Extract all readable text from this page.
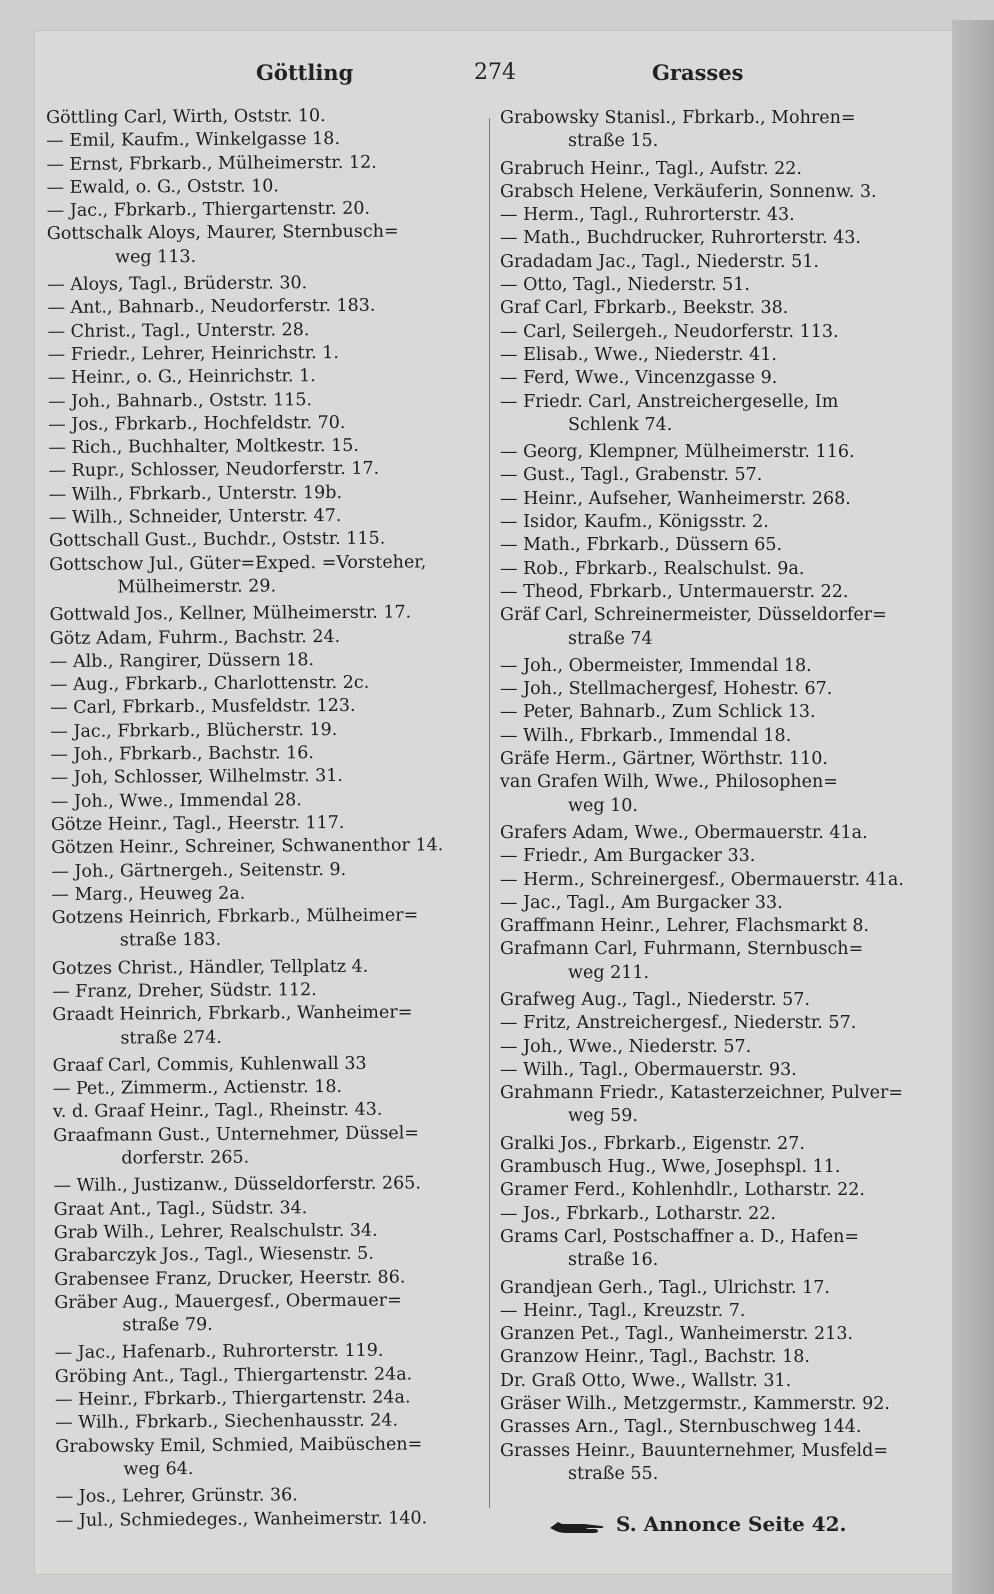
Göttling	274	Grasses
Göttling Carl, Wirth, Oststr. 10.
— Emil, Kaufm., Winkelgasse 18.
— Ernst, Fbrkarb., Mülheimerstr. 12.
— Ewald, o. G., Oststr. 10.
— Jac., Fbrkarb., Thiergartenstr. 20.
Gottschalk Aloys, Maurer, Sternbusch=
weg 113.
— Aloys, Tagl., Brüderstr. 30.
— Ant., Bahnarb., Neudorferstr. 183.
— Christ., Tagl., Unterstr. 28.
— Friedr., Lehrer, Heinrichstr. 1.
— Heinr., o. G., Heinrichstr. 1.
— Joh., Bahnarb., Oststr. 115.
— Jos., Fbrkarb., Hochfeldstr. 70.
— Rich., Buchhalter, Moltkestr. 15.
— Rupr., Schlosser, Neudorferstr. 17.
— Wilh., Fbrkarb., Unterstr. 19b.
— Wilh., Schneider, Unterstr. 47.
Gottschall Gust., Buchdr., Oststr. 115.
Gottschow Jul., Güter=Exped. =Vorsteher,
Mülheimerstr. 29.
Gottwald Jos., Kellner, Mülheimerstr. 17.
Götz Adam, Fuhrm., Bachstr. 24.
— Alb., Rangirer, Düssern 18.
— Aug., Fbrkarb., Charlottenstr. 2c.
— Carl, Fbrkarb., Musfeldstr. 123.
— Jac., Fbrkarb., Blücherstr. 19.
— Joh., Fbrkarb., Bachstr. 16.
— Joh, Schlosser, Wilhelmstr. 31.
— Joh., Wwe., Immendal 28.
Götze Heinr., Tagl., Heerstr. 117.
Götzen Heinr., Schreiner, Schwanenthor 14.
— Joh., Gärtnergeh., Seitenstr. 9.
— Marg., Heuweg 2a.
Gotzens Heinrich, Fbrkarb., Mülheimer=
straße 183.
Gotzes Christ., Händler, Tellplatz 4.
— Franz, Dreher, Südstr. 112.
Graadt Heinrich, Fbrkarb., Wanheimer=
straße 274.
Graaf Carl, Commis, Kuhlenwall 33
— Pet., Zimmerm., Actienstr. 18.
v. d. Graaf Heinr., Tagl., Rheinstr. 43.
Graafmann Gust., Unternehmer, Düssel=
dorferstr. 265.
— Wilh., Justizanw., Düsseldorferstr. 265.
Graat Ant., Tagl., Südstr. 34.
Grab Wilh., Lehrer, Realschulstr. 34.
Grabarczyk Jos., Tagl., Wiesenstr. 5.
Grabensee Franz, Drucker, Heerstr. 86.
Gräber Aug., Mauergesf., Obermauer=
straße 79.
— Jac., Hafenarb., Ruhrorterstr. 119.
Gröbing Ant., Tagl., Thiergartenstr. 24a.
— Heinr., Fbrkarb., Thiergartenstr. 24a.
— Wilh., Fbrkarb., Siechenhausstr. 24.
Grabowsky Emil, Schmied, Maibüschen=
weg 64.
— Jos., Lehrer, Grünstr. 36.
— Jul., Schmiedeges., Wanheimerstr. 140.
Grabowsky Stanisl., Fbrkarb., Mohren=
straße 15.
Grabruch Heinr., Tagl., Aufstr. 22.
Grabsch Helene, Verkäuferin, Sonnenw. 3.
— Herm., Tagl., Ruhrorterstr. 43.
— Math., Buchdrucker, Ruhrorterstr. 43.
Gradadam Jac., Tagl., Niederstr. 51.
— Otto, Tagl., Niederstr. 51.
Graf Carl, Fbrkarb., Beekstr. 38.
— Carl, Seilergeh., Neudorferstr. 113.
— Elisab., Wwe., Niederstr. 41.
— Ferd, Wwe., Vincenzgasse 9.
— Friedr. Carl, Anstreichergeselle, Im
Schlenk 74.
— Georg, Klempner, Mülheimerstr. 116.
— Gust., Tagl., Grabenstr. 57.
— Heinr., Aufseher, Wanheimerstr. 268.
— Isidor, Kaufm., Königsstr. 2.
— Math., Fbrkarb., Düssern 65.
— Rob., Fbrkarb., Realschulst. 9a.
— Theod, Fbrkarb., Untermauerstr. 22.
Gräf Carl, Schreinermeister, Düsseldorfer=
straße 74
— Joh., Obermeister, Immendal 18.
— Joh., Stellmachergesf, Hohestr. 67.
— Peter, Bahnarb., Zum Schlick 13.
— Wilh., Fbrkarb., Immendal 18.
Gräfe Herm., Gärtner, Wörthstr. 110.
van Grafen Wilh, Wwe., Philosophen=
weg 10.
Grafers Adam, Wwe., Obermauerstr. 41a.
— Friedr., Am Burgacker 33.
— Herm., Schreinergesf., Obermauerstr. 41a.
— Jac., Tagl., Am Burgacker 33.
Graffmann Heinr., Lehrer, Flachsmarkt 8.
Grafmann Carl, Fuhrmann, Sternbusch=
weg 211.
Grafweg Aug., Tagl., Niederstr. 57.
— Fritz, Anstreichergesf., Niederstr. 57.
— Joh., Wwe., Niederstr. 57.
— Wilh., Tagl., Obermauerstr. 93.
Grahmann Friedr., Katasterzeichner, Pulver=
weg 59.
Gralki Jos., Fbrkarb., Eigenstr. 27.
Grambusch Hug., Wwe, Josephspl. 11.
Gramer Ferd., Kohlenhdlr., Lotharstr. 22.
— Jos., Fbrkarb., Lotharstr. 22.
Grams Carl, Postschaffner a. D., Hafen=
straße 16.
Grandjean Gerh., Tagl., Ulrichstr. 17.
— Heinr., Tagl., Kreuzstr. 7.
Granzen Pet., Tagl., Wanheimerstr. 213.
Granzow Heinr., Tagl., Bachstr. 18.
Dr. Graß Otto, Wwe., Wallstr. 31.
Gräser Wilh., Metzgermstr., Kammerstr. 92.
Grasses Arn., Tagl., Sternbuschweg 144.
Grasses Heinr., Bauunternehmer, Musfeld=
straße 55.
S. Annonce Seite 42.
